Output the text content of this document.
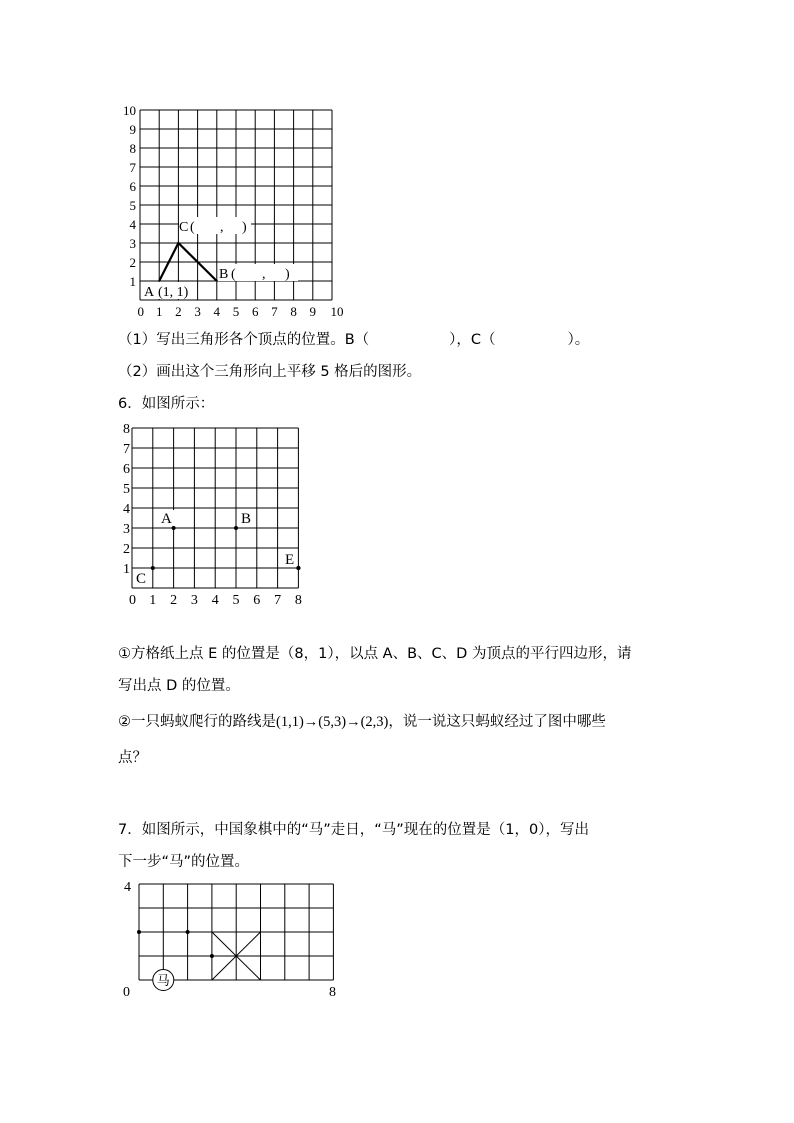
10
9
8
7
6
5
4
3
2
1
0 1 2 3 4 5 6 7 8 9 10
A (1, 1)
C ( , )
B ( , )
（1）写出三角形各个顶点的位置。B（	），C（	）。
（2）画出这个三角形向上平移 5 格后的图形。
6．如图所示：
8
7
6
5
4
3
2
1
0 1 2 3 4 5 6 7 8
A	B
C
E
①方格纸上点 E 的位置是（8，1），以点 A、B、C、D 为顶点的平行四边形，请
写出点 D 的位置。
②一只蚂蚁爬行的路线是(1,1)→(5,3)→(2,3)，说一说这只蚂蚁经过了图中哪些
点？
7．如图所示，中国象棋中的“马”走日，“马”现在的位置是（1，0），写出
下一步“马”的位置。
4
0	8
马
